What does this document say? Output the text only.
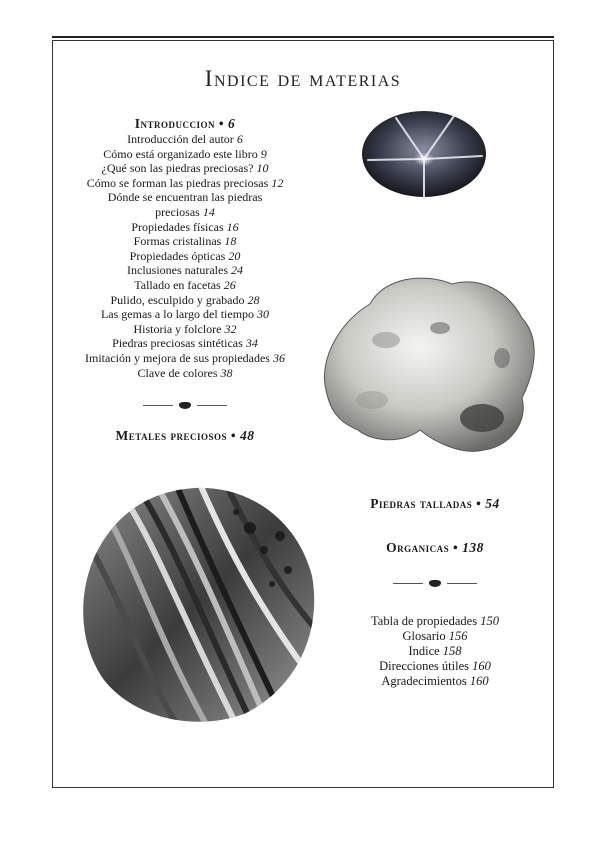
Indice de materias

Introduccion • 6

Introducción del autor 6

Cómo está organizado este libro 9

¿Qué son las piedras preciosas? 10

Cómo se forman las piedras preciosas 12

Dónde se encuentran las piedras

preciosas 14

Propiedades físicas 16

Formas cristalinas 18

Propiedades ópticas 20

Inclusiones naturales 24

Tallado en facetas 26

Pulido, esculpido y grabado 28

Las gemas a lo largo del tiempo 30

Historia y folclore 32

Piedras preciosas sintéticas 34

Imitación y mejora de sus propiedades 36

Clave de colores 38

Metales preciosos • 48

Piedras talladas • 54

Organicas • 138

Tabla de propiedades 150

Glosario 156

Indice 158

Direcciones útiles 160

Agradecimientos 160
